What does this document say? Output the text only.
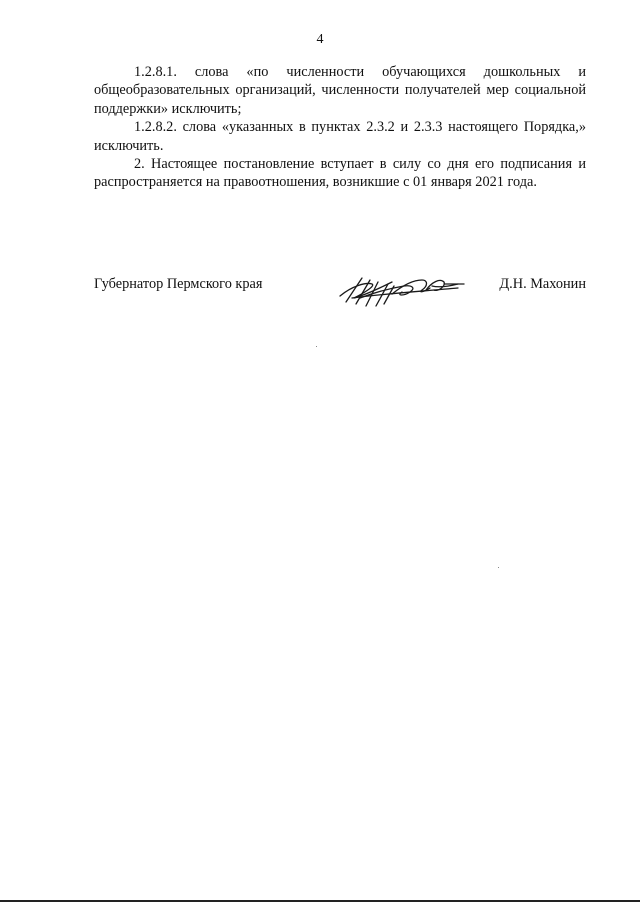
4

1.2.8.1. слова «по численности обучающихся дошкольных и общеобразовательных организаций, численности получателей мер социальной поддержки» исключить;

1.2.8.2. слова «указанных в пунктах 2.3.2 и 2.3.3 настоящего Порядка,» исключить.

2. Настоящее постановление вступает в силу со дня его подписания и распространяется на правоотношения, возникшие с 01 января 2021 года.

Губернатор Пермского края	Д.Н. Махонин
